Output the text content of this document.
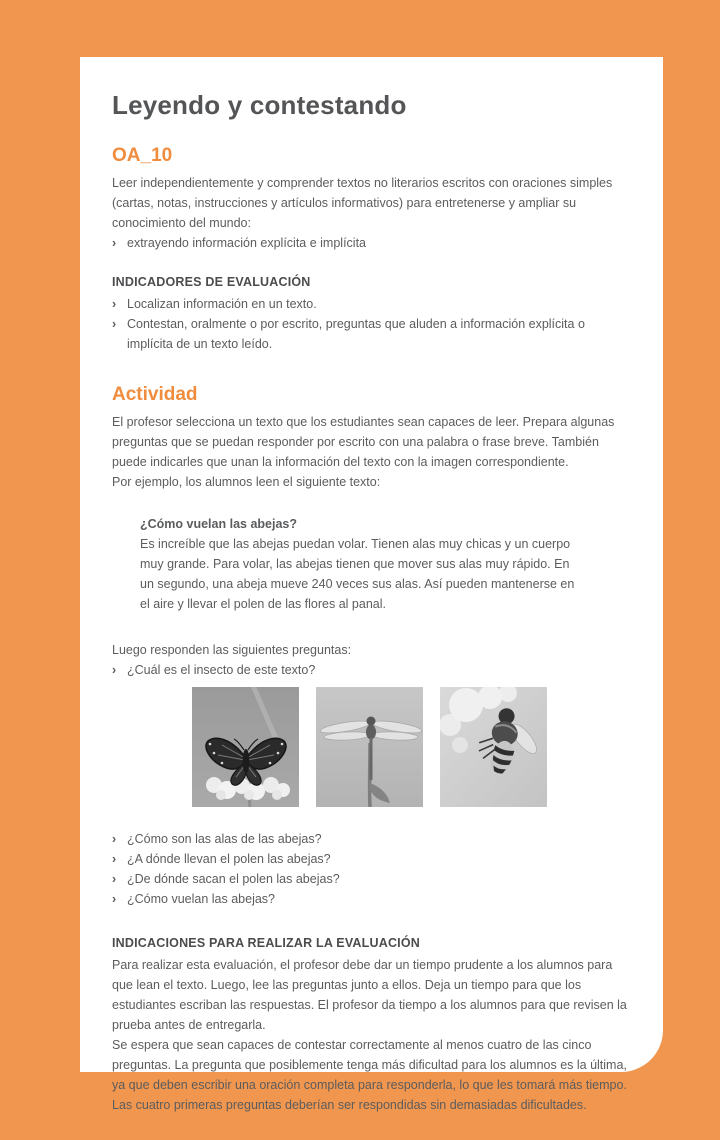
Leyendo y contestando
OA_10

Leer independientemente y comprender textos no literarios escritos con oraciones simples (cartas, notas, instrucciones y artículos informativos) para entretenerse y ampliar su conocimiento del mundo:

› extrayendo información explícita e implícita
INDICADORES DE EVALUACIÓN
› Localizan información en un texto.
› Contestan, oralmente o por escrito, preguntas que aluden a información explícita o implícita de un texto leído.
Actividad

El profesor selecciona un texto que los estudiantes sean capaces de leer. Prepara algunas preguntas que se puedan responder por escrito con una palabra o frase breve. También puede indicarles que unan la información del texto con la imagen correspondiente.

Por ejemplo, los alumnos leen el siguiente texto:

¿Cómo vuelan las abejas?

Es increíble que las abejas puedan volar. Tienen alas muy chicas y un cuerpo muy grande. Para volar, las abejas tienen que mover sus alas muy rápido. En un segundo, una abeja mueve 240 veces sus alas. Así pueden mantenerse en el aire y llevar el polen de las flores al panal.

Luego responden las siguientes preguntas:

› ¿Cuál es el insecto de este texto?
› ¿Cómo son las alas de las abejas?
› ¿A dónde llevan el polen las abejas?
› ¿De dónde sacan el polen las abejas?
› ¿Cómo vuelan las abejas?
INDICACIONES PARA REALIZAR LA EVALUACIÓN

Para realizar esta evaluación, el profesor debe dar un tiempo prudente a los alumnos para que lean el texto. Luego, lee las preguntas junto a ellos. Deja un tiempo para que los estudiantes escriban las respuestas. El profesor da tiempo a los alumnos para que revisen la prueba antes de entregarla.

Se espera que sean capaces de contestar correctamente al menos cuatro de las cinco preguntas. La pregunta que posiblemente tenga más dificultad para los alumnos es la última, ya que deben escribir una oración completa para responderla, lo que les tomará más tiempo. Las cuatro primeras preguntas deberían ser respondidas sin demasiadas dificultades.
